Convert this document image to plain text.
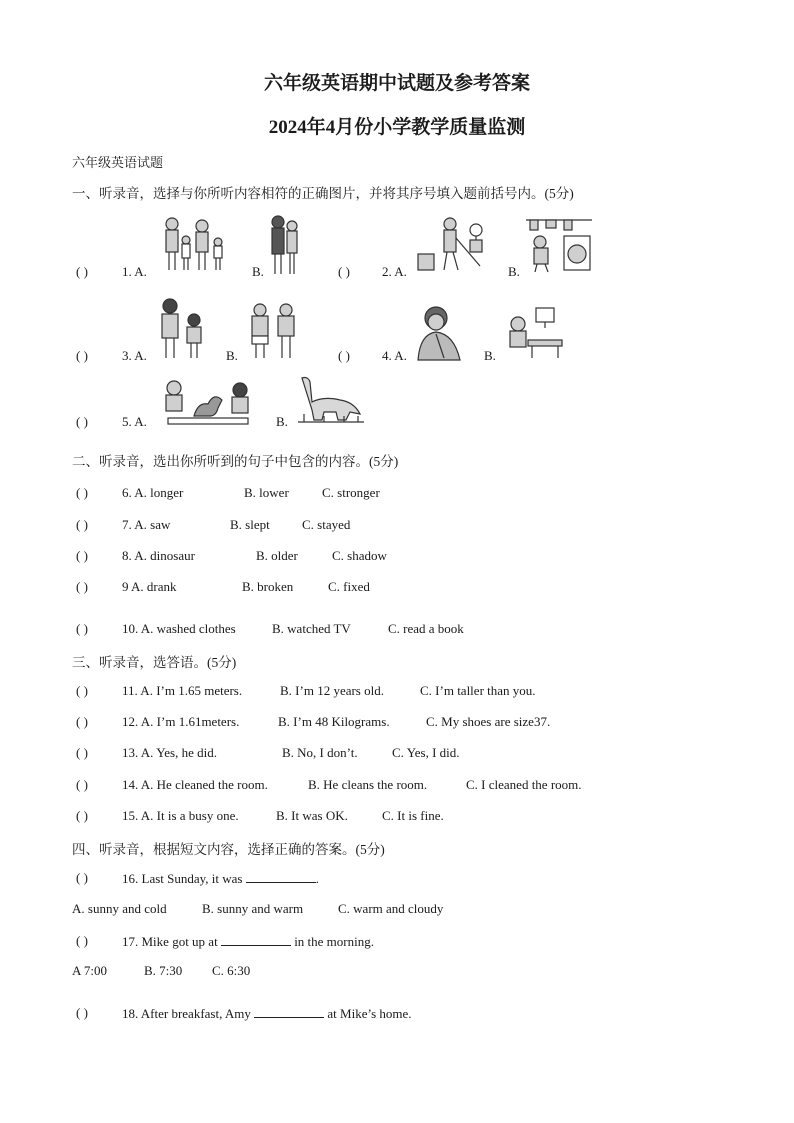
六年级英语期中试题及参考答案
2024年4月份小学教学质量监测
六年级英语试题
一、听录音，选择与你所听内容相符的正确图片，并将其序号填入题前括号内。(5分)
( )	1. A.	B.	( ) 2. A.	B.
( )	3. A.	B.	( ) 4. A.	B.
( )	5. A.	B.
二、听录音，选出你所听到的句子中包含的内容。(5分)
( )	6. A. longer	B. lower	C. stronger
( )	7. A. saw	B. slept C. stayed
( )	8. A. dinosaur	B. older	C. shadow
( )	9 A. drank	B. broken	C. fixed
( )	10. A. washed clothes	B. watched TV	C. read a book
三、听录音，选答语。(5分)
( )	11. A. I’m 1.65 meters.	B. I’m 12 years old.	C. I’m taller than you.
( )	12. A. I’m 1.61meters.	B. I’m 48 Kilograms.	C. My shoes are size37.
( )	13. A. Yes, he did.	B. No, I don’t.	C. Yes, I did.
( )	14. A. He cleaned the room.	B. He cleans the room.	C. I cleaned the room.
( )	15. A. It is a busy one.	B. It was OK.	C. It is fine.
四、听录音，根据短文内容，选择正确的答案。(5分)
( )	16. Last Sunday, it was	.
A. sunny and cold	B. sunny and warm	C. warm and cloudy
( )	17. Mike got up at	in the morning.
A 7:00	B. 7:30 C. 6:30
( )	18. After breakfast, Amy	at Mike’s home.
